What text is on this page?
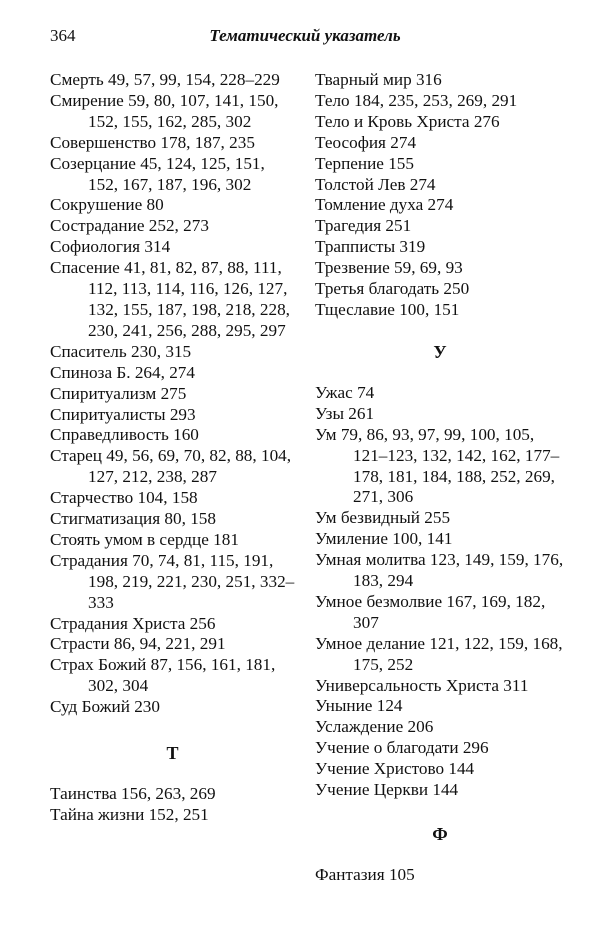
364	Тематический указатель
Смерть 49, 57, 99, 154, 228–229
Смирение 59, 80, 107, 141, 150, 152, 155, 162, 285, 302
Совершенство 178, 187, 235
Созерцание 45, 124, 125, 151, 152, 167, 187, 196, 302
Сокрушение 80
Сострадание 252, 273
Софиология 314
Спасение 41, 81, 82, 87, 88, 111, 112, 113, 114, 116, 126, 127, 132, 155, 187, 198, 218, 228, 230, 241, 256, 288, 295, 297
Спаситель 230, 315
Спиноза Б. 264, 274
Спиритуализм 275
Спиритуалисты 293
Справедливость 160
Старец 49, 56, 69, 70, 82, 88, 104, 127, 212, 238, 287
Старчество 104, 158
Стигматизация 80, 158
Стоять умом в сердце 181
Страдания 70, 74, 81, 115, 191, 198, 219, 221, 230, 251, 332–333
Страдания Христа 256
Страсти 86, 94, 221, 291
Страх Божий 87, 156, 161, 181, 302, 304
Суд Божий 230
Т
Таинства 156, 263, 269
Тайна жизни 152, 251
Тварный мир 316
Тело 184, 235, 253, 269, 291
Тело и Кровь Христа 276
Теософия 274
Терпение 155
Толстой Лев 274
Томление духа 274
Трагедия 251
Трапписты 319
Трезвение 59, 69, 93
Третья благодать 250
Тщеславие 100, 151
У
Ужас 74
Узы 261
Ум 79, 86, 93, 97, 99, 100, 105, 121–123, 132, 142, 162, 177–178, 181, 184, 188, 252, 269, 271, 306
Ум безвидный 255
Умиление 100, 141
Умная молитва 123, 149, 159, 176, 183, 294
Умное безмолвие 167, 169, 182, 307
Умное делание 121, 122, 159, 168, 175, 252
Универсальность Христа 311
Уныние 124
Услаждение 206
Учение о благодати 296
Учение Христово 144
Учение Церкви 144
Ф
Фантазия 105
